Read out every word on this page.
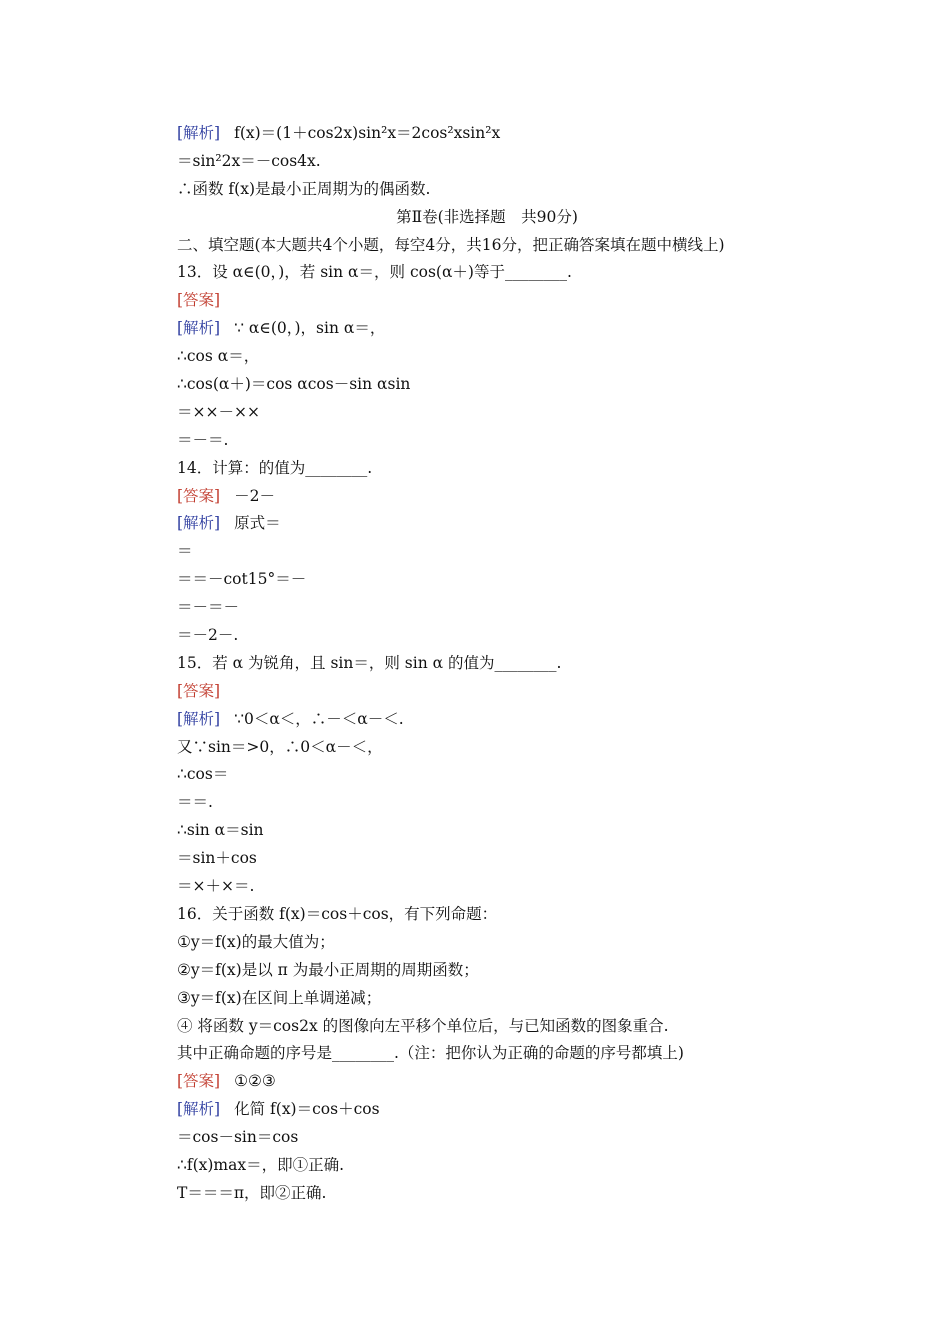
[解析] f(x)＝(1＋cos2x)sin²x＝2cos²xsin²x
＝sin²2x＝－cos4x.
∴函数 f(x)是最小正周期为的偶函数.
第Ⅱ卷(非选择题　共90分)
二、填空题(本大题共4个小题，每空4分，共16分，把正确答案填在题中横线上)
13．设 α∈(0，)，若 sin α＝，则 cos(α＋)等于________.
[答案]
[解析] ∵ α∈(0，)，sin α＝，
∴cos α＝，
∴cos(α＋)＝cos αcos－sin αsin
＝××－××
＝－＝.
14．计算：的值为________.
[答案] －2－
[解析] 原式＝
＝
＝＝－cot15°＝－
＝－＝－
＝－2－.
15．若 α 为锐角，且 sin＝，则 sin α 的值为________.
[答案]
[解析] ∵0＜α＜，∴－＜α－＜.
又∵sin＝>0，∴0＜α－＜，
∴cos＝
＝＝.
∴sin α＝sin
＝sin＋cos
＝×＋×＝.
16．关于函数 f(x)＝cos＋cos，有下列命题：
①y＝f(x)的最大值为；
②y＝f(x)是以 π 为最小正周期的周期函数；
③y＝f(x)在区间上单调递减；
④ 将函数 y＝cos2x 的图像向左平移个单位后，与已知函数的图象重合.
其中正确命题的序号是________.（注：把你认为正确的命题的序号都填上)
[答案] ①②③
[解析] 化简 f(x)＝cos＋cos
＝cos－sin＝cos
∴f(x)max＝，即①正确.
T＝＝＝π，即②正确.
